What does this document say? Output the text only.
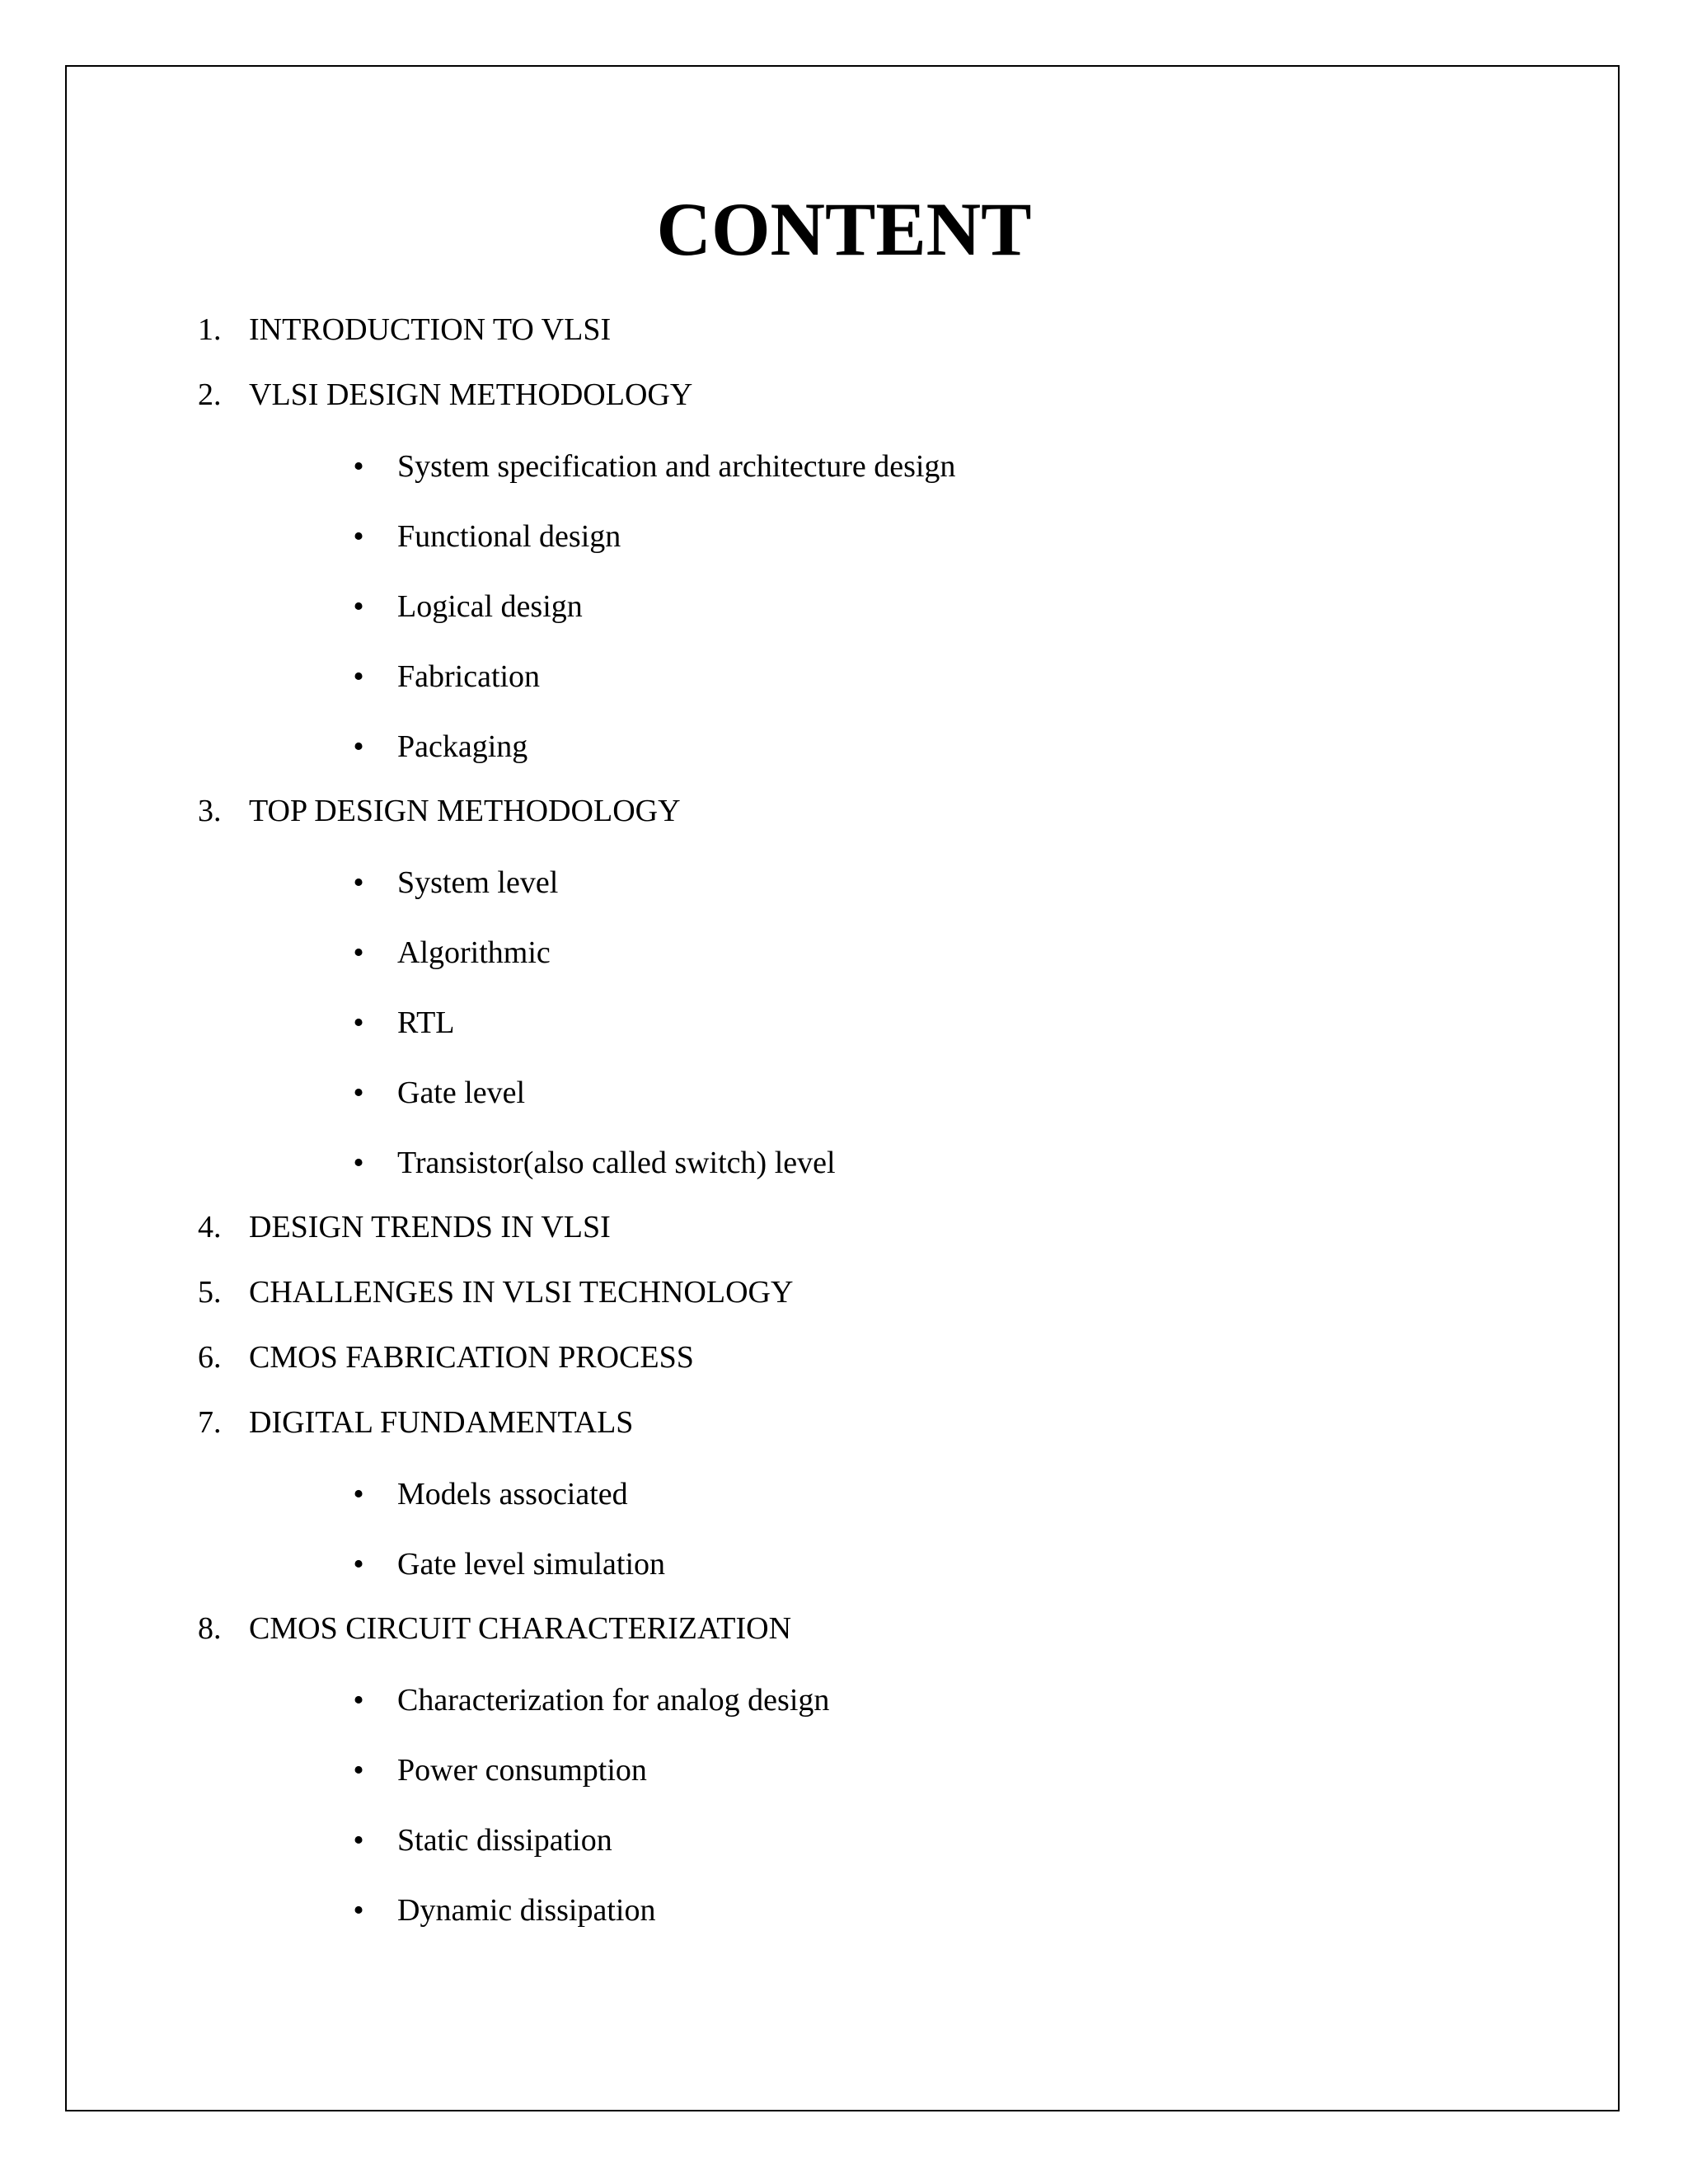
CONTENT
1. INTRODUCTION TO VLSI
2. VLSI DESIGN METHODOLOGY
• System specification and architecture design
• Functional design
• Logical design
• Fabrication
• Packaging
3. TOP DESIGN METHODOLOGY
• System level
• Algorithmic
• RTL
• Gate level
• Transistor(also called switch) level
4. DESIGN TRENDS IN VLSI
5. CHALLENGES IN VLSI TECHNOLOGY
6. CMOS FABRICATION PROCESS
7. DIGITAL FUNDAMENTALS
• Models associated
• Gate level simulation
8. CMOS CIRCUIT CHARACTERIZATION
• Characterization for analog design
• Power consumption
• Static dissipation
• Dynamic dissipation
